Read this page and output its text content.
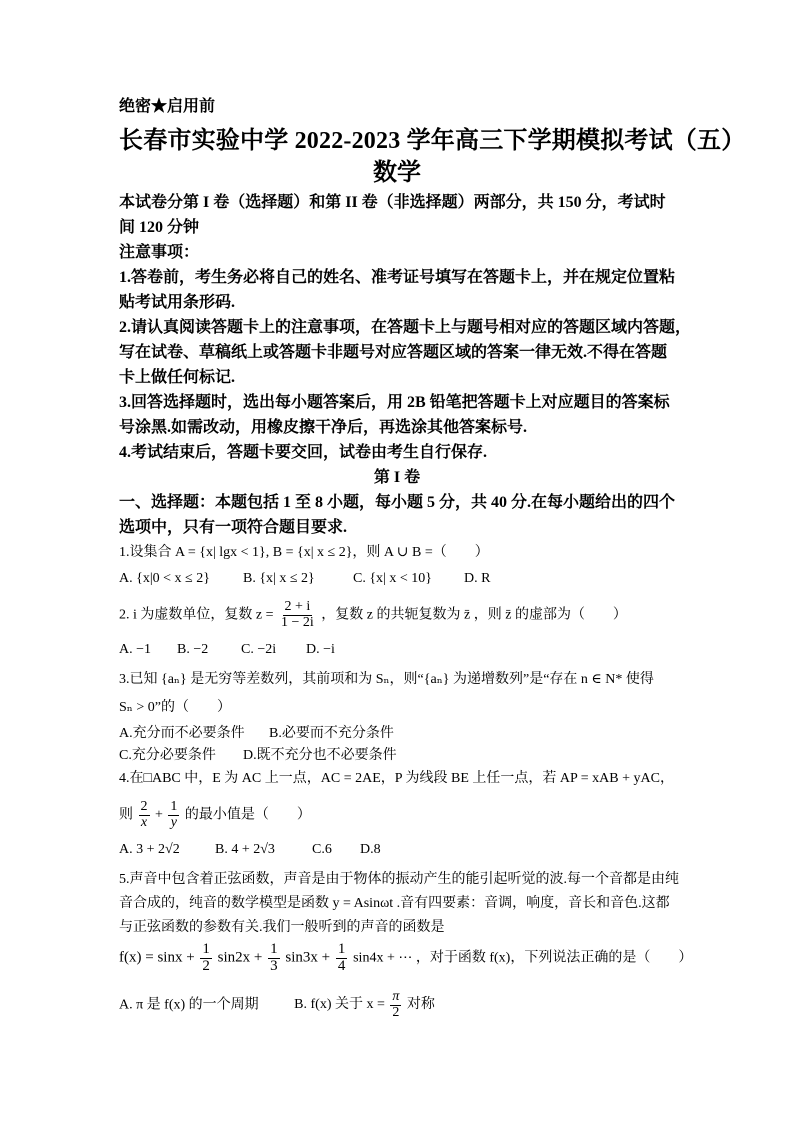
绝密★启用前
长春市实验中学 2022-2023 学年高三下学期模拟考试（五）
数学
本试卷分第 I 卷（选择题）和第 II 卷（非选择题）两部分，共 150 分，考试时
间 120 分钟
注意事项：
1.答卷前，考生务必将自己的姓名、准考证号填写在答题卡上，并在规定位置粘
贴考试用条形码.
2.请认真阅读答题卡上的注意事项，在答题卡上与题号相对应的答题区域内答题，
写在试卷、草稿纸上或答题卡非题号对应答题区域的答案一律无效.不得在答题
卡上做任何标记.
3.回答选择题时，选出每小题答案后，用 2B 铅笔把答题卡上对应题目的答案标
号涂黑.如需改动，用橡皮擦干净后，再选涂其他答案标号.
4.考试结束后，答题卡要交回，试卷由考生自行保存.
第 I 卷
一、选择题：本题包括 1 至 8 小题，每小题 5 分，共 40 分.在每小题给出的四个
选项中，只有一项符合题目要求.
1.设集合 A = {x| lgx < 1}, B = {x| x ≤ 2}，则 A ∪ B =（　　）
A. {x|0 < x ≤ 2} B. {x| x ≤ 2}	C. {x| x < 10} D. R
2. i 为虚数单位，复数 $z = \frac{2 + i}{1 - 2i}$ ，复数 z 的共轭复数为 z̄ ，则 z̄ 的虚部为（　　）
A. −1 B. −2 C. −2i D. −i
3.已知 {aₙ} 是无穷等差数列，其前项和为 Sₙ，则“{aₙ} 为递增数列”是“存在 n ∈ N* 使得
Sₙ > 0”的（　　）
A.充分而不必要条件 B.必要而不充分条件
C.充分必要条件 D.既不充分也不必要条件
4.在□ABC 中，E 为 AC 上一点，AC = 2AE，P 为线段 BE 上任一点，若 AP = xAB + yAC，
则 $\frac{2}{x} + \frac{1}{y}$ 的最小值是（　　）
A. 3 + 2√2	B. 4 + 2√3	C.6 D.8
5.声音中包含着正弦函数，声音是由于物体的振动产生的能引起听觉的波.每一个音都是由纯
音合成的，纯音的数学模型是函数 y = Asinωt .音有四要素：音调，响度，音长和音色.这都
与正弦函数的参数有关.我们一般听到的声音的函数是
$f(x) = \sin x + \frac{1}{2} \sin 2x + \frac{1}{3} \sin 3x + \frac{1}{4} \sin 4x$ + ⋯ ，对于函数 f(x)，下列说法正确的是（　　）
A. π 是 f(x) 的一个周期	B. f(x) 关于 $x = \frac{\pi}{2}$ 对称
